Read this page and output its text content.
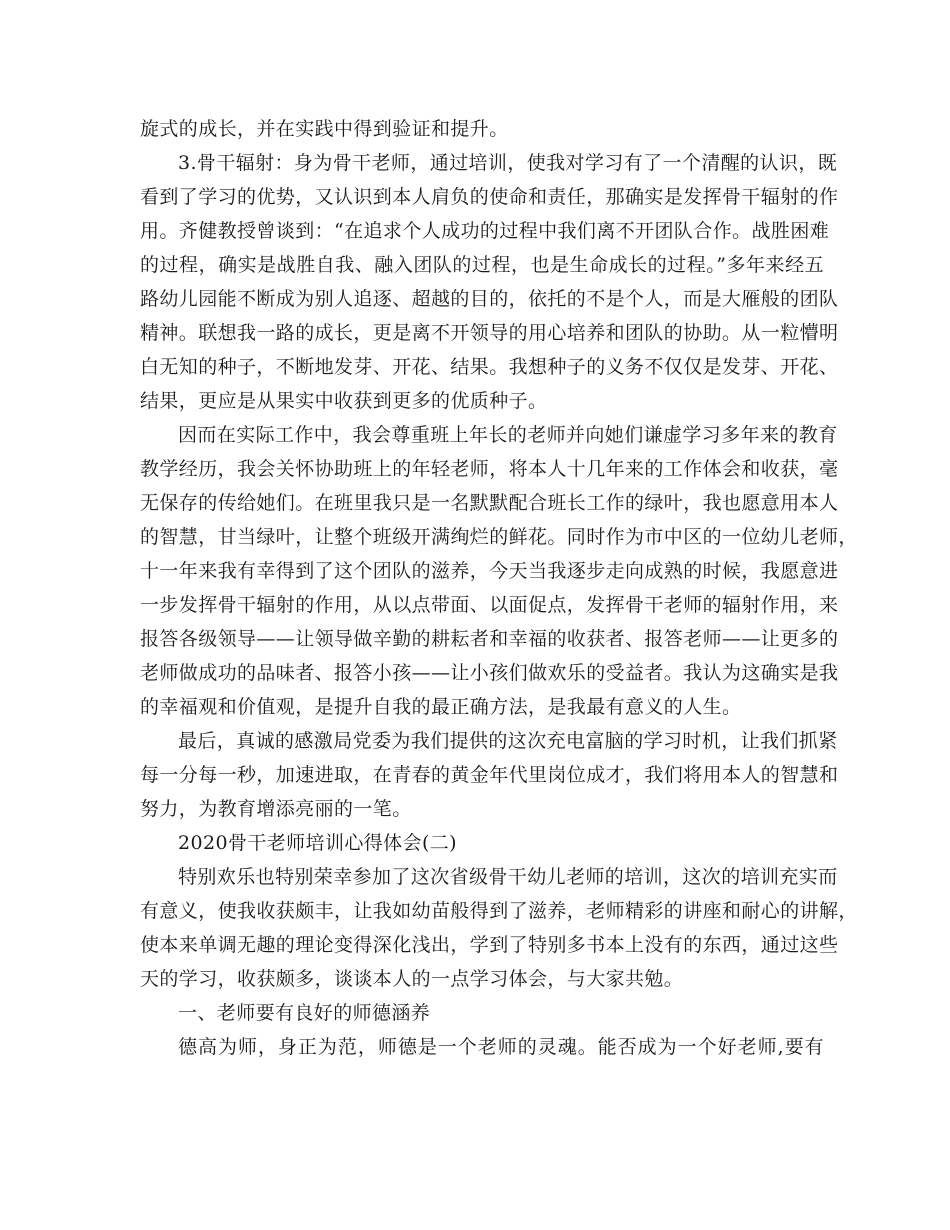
旋式的成长，并在实践中得到验证和提升。
3.骨干辐射：身为骨干老师，通过培训，使我对学习有了一个清醒的认识，既
看到了学习的优势，又认识到本人肩负的使命和责任，那确实是发挥骨干辐射的作
用。齐健教授曾谈到：“在追求个人成功的过程中我们离不开团队合作。战胜困难
的过程，确实是战胜自我、融入团队的过程，也是生命成长的过程。”多年来经五
路幼儿园能不断成为别人追逐、超越的目的，依托的不是个人，而是大雁般的团队
精神。联想我一路的成长，更是离不开领导的用心培养和团队的协助。从一粒懵明
白无知的种子，不断地发芽、开花、结果。我想种子的义务不仅仅是发芽、开花、
结果，更应是从果实中收获到更多的优质种子。
因而在实际工作中，我会尊重班上年长的老师并向她们谦虚学习多年来的教育
教学经历，我会关怀协助班上的年轻老师，将本人十几年来的工作体会和收获，毫
无保存的传给她们。在班里我只是一名默默配合班长工作的绿叶，我也愿意用本人
的智慧，甘当绿叶，让整个班级开满绚烂的鲜花。同时作为市中区的一位幼儿老师，
十一年来我有幸得到了这个团队的滋养，今天当我逐步走向成熟的时候，我愿意进
一步发挥骨干辐射的作用，从以点带面、以面促点，发挥骨干老师的辐射作用，来
报答各级领导——让领导做辛勤的耕耘者和幸福的收获者、报答老师——让更多的
老师做成功的品味者、报答小孩——让小孩们做欢乐的受益者。我认为这确实是我
的幸福观和价值观，是提升自我的最正确方法，是我最有意义的人生。
最后，真诚的感激局党委为我们提供的这次充电富脑的学习时机，让我们抓紧
每一分每一秒，加速进取，在青春的黄金年代里岗位成才，我们将用本人的智慧和
努力，为教育增添亮丽的一笔。
2020骨干老师培训心得体会(二)
特别欢乐也特别荣幸参加了这次省级骨干幼儿老师的培训，这次的培训充实而
有意义，使我收获颇丰，让我如幼苗般得到了滋养，老师精彩的讲座和耐心的讲解，
使本来单调无趣的理论变得深化浅出，学到了特别多书本上没有的东西，通过这些
天的学习，收获颇多，谈谈本人的一点学习体会，与大家共勉。
一、老师要有良好的师德涵养
德高为师，身正为范，师德是一个老师的灵魂。能否成为一个好老师,要有
